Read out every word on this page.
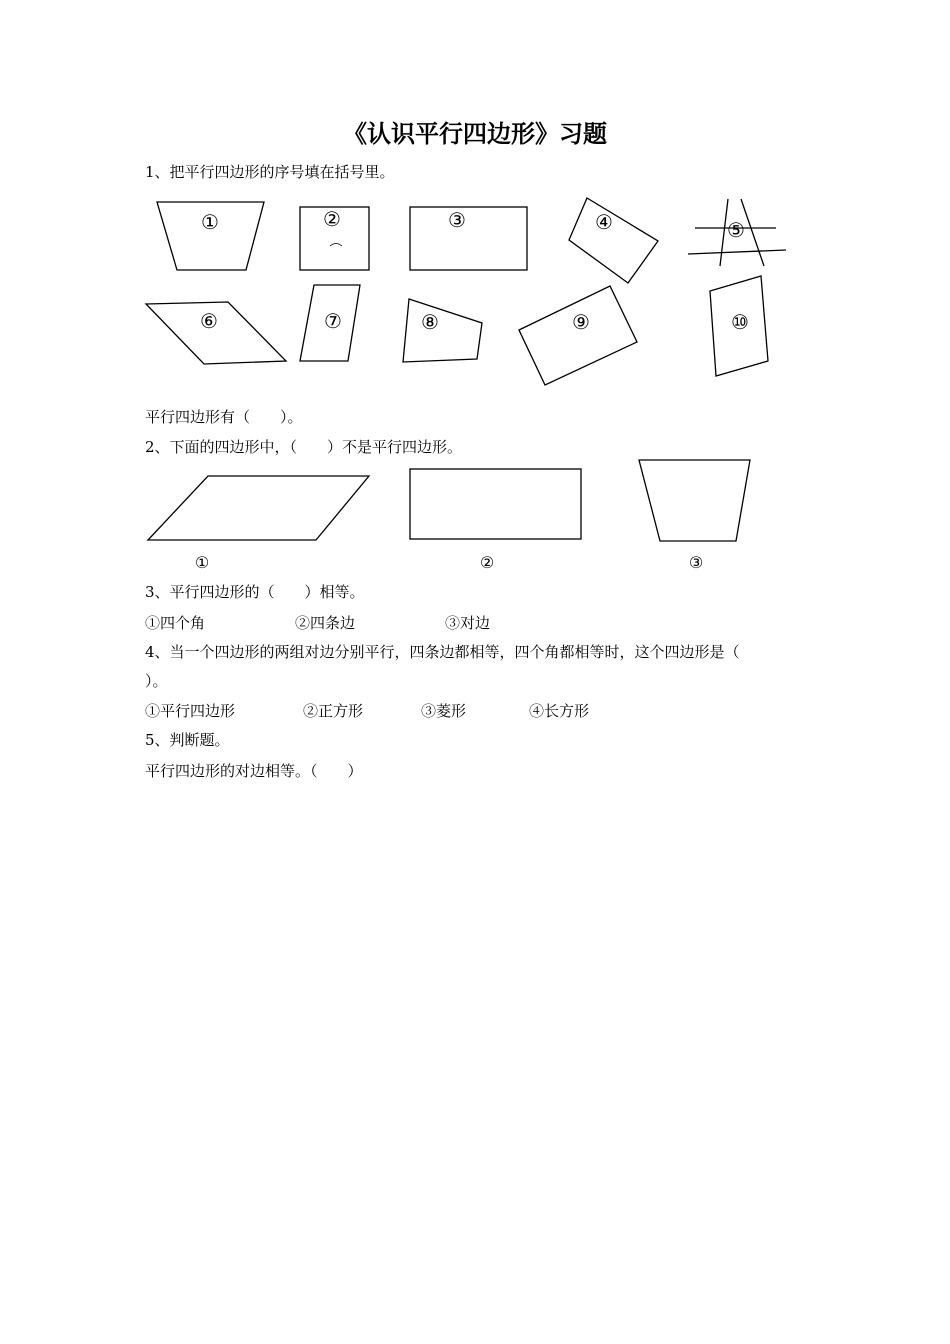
《认识平行四边形》习题
1、把平行四边形的序号填在括号里。
①	②	③	④	⑤
⑥	⑦	⑧	⑨	⑩
①	②	③
平行四边形有（　　）。
2、下面的四边形中，（　　）不是平行四边形。
3、平行四边形的（　　）相等。
①四个角	②四条边	③对边
4、当一个四边形的两组对边分别平行，四条边都相等，四个角都相等时，这个四边形是（
）。
①平行四边形	②正方形	③菱形	④长方形
5、判断题。
平行四边形的对边相等。（　　）
